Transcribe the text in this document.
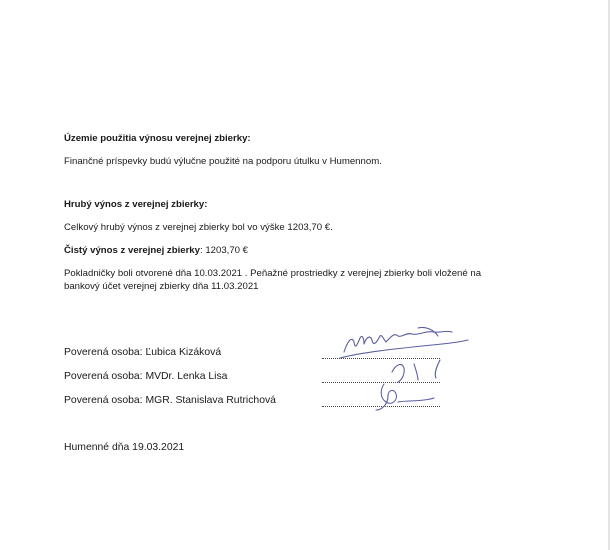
Územie použitia výnosu verejnej zbierky:
Finančné príspevky budú výlučne použité na podporu útulku v Humennom.
Hrubý výnos z verejnej zbierky:
Celkový hrubý výnos z verejnej zbierky bol vo výške 1203,70 €.
Čistý výnos z verejnej zbierky: 1203,70 €
Pokladničky boli otvorené dňa 10.03.2021 . Peňažné prostriedky z verejnej zbierky boli vložené na
bankový účet verejnej zbierky dňa 11.03.2021
Poverená osoba: Ľubica Kizáková
Poverená osoba: MVDr. Lenka Lisa
Poverená osoba: MGR. Stanislava Rutrichová
Humenné dňa 19.03.2021
